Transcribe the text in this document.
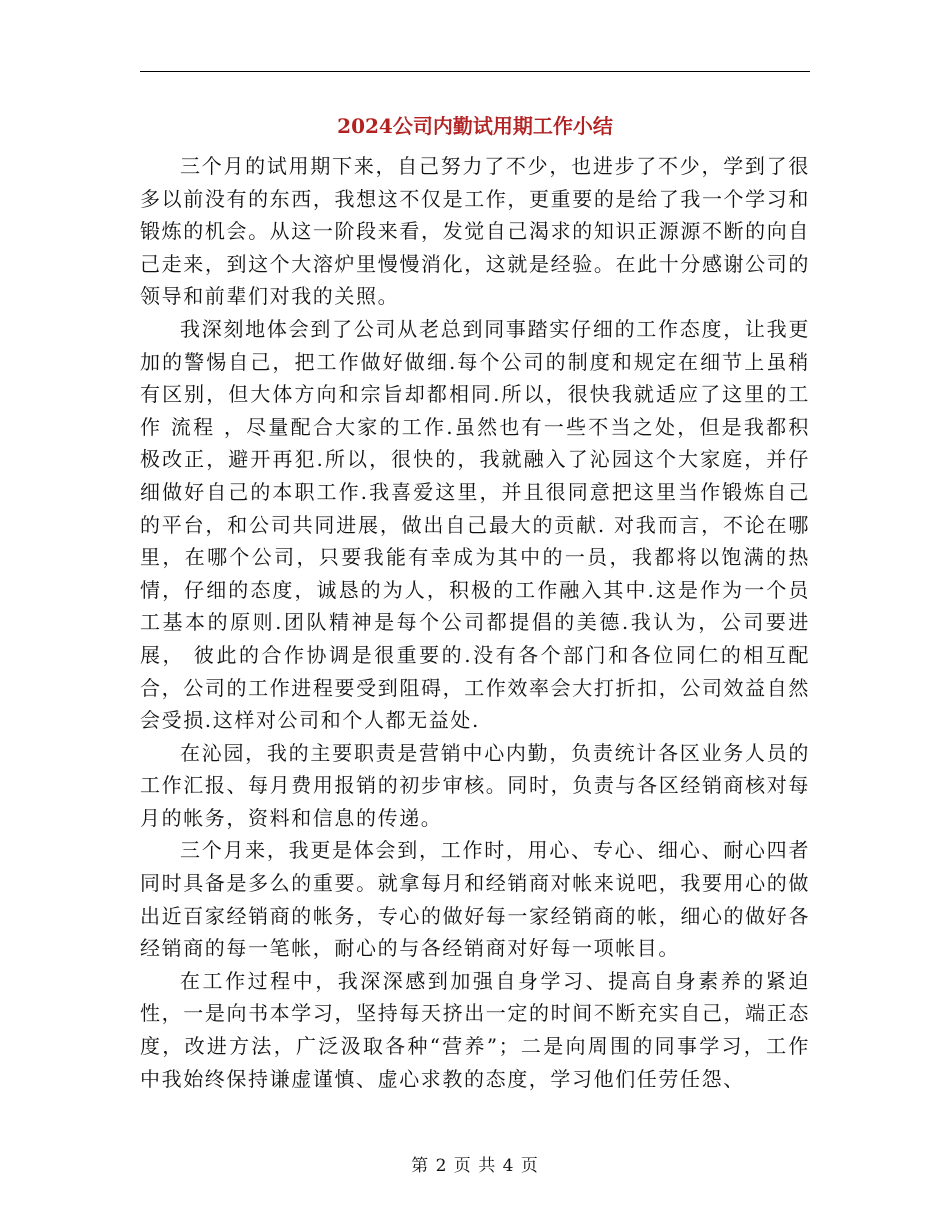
2024公司内勤试用期工作小结

三个月的试用期下来，自己努力了不少，也进步了不少，学到了很多以前没有的东西，我想这不仅是工作，更重要的是给了我一个学习和锻炼的机会。从这一阶段来看，发觉自己渴求的知识正源源不断的向自己走来，到这个大溶炉里慢慢消化，这就是经验。在此十分感谢公司的领导和前辈们对我的关照。

我深刻地体会到了公司从老总到同事踏实仔细的工作态度，让我更加的警惕自己，把工作做好做细.每个公司的制度和规定在细节上虽稍有区别，但大体方向和宗旨却都相同.所以，很快我就适应了这里的工作 流程 ，尽量配合大家的工作.虽然也有一些不当之处，但是我都积极改正，避开再犯.所以，很快的，我就融入了沁园这个大家庭，并仔细做好自己的本职工作.我喜爱这里，并且很同意把这里当作锻炼自己的平台，和公司共同进展，做出自己最大的贡献. 对我而言，不论在哪里，在哪个公司，只要我能有幸成为其中的一员，我都将以饱满的热情，仔细的态度，诚恳的为人，积极的工作融入其中.这是作为一个员工基本的原则.团队精神是每个公司都提倡的美德.我认为，公司要进展， 彼此的合作协调是很重要的.没有各个部门和各位同仁的相互配合，公司的工作进程要受到阻碍，工作效率会大打折扣，公司效益自然会受损.这样对公司和个人都无益处.

在沁园，我的主要职责是营销中心内勤，负责统计各区业务人员的工作汇报、每月费用报销的初步审核。同时，负责与各区经销商核对每月的帐务，资料和信息的传递。

三个月来，我更是体会到，工作时，用心、专心、细心、耐心四者同时具备是多么的重要。就拿每月和经销商对帐来说吧，我要用心的做出近百家经销商的帐务，专心的做好每一家经销商的帐，细心的做好各经销商的每一笔帐，耐心的与各经销商对好每一项帐目。

在工作过程中，我深深感到加强自身学习、提高自身素养的紧迫性，一是向书本学习，坚持每天挤出一定的时间不断充实自己，端正态度，改进方法，广泛汲取各种“营养”；二是向周围的同事学习，工作中我始终保持谦虚谨慎、虚心求教的态度，学习他们任劳任怨、

第 2 页 共 4 页
